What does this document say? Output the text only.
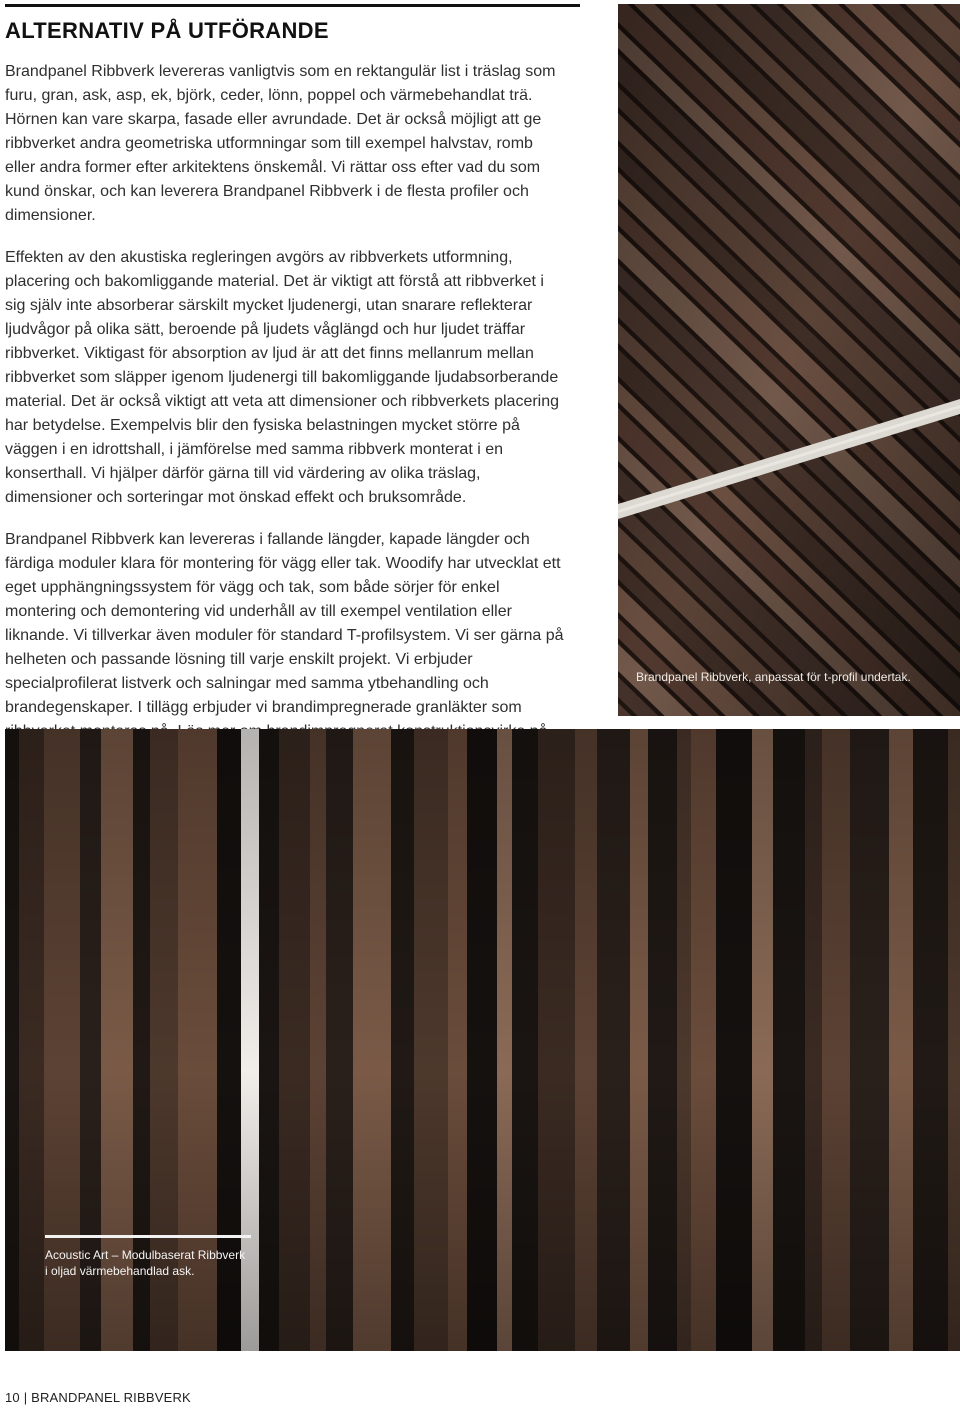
ALTERNATIV PÅ UTFÖRANDE

Brandpanel Ribbverk levereras vanligtvis som en rektangulär list i träslag som furu, gran, ask, asp, ek, björk, ceder, lönn, poppel och värmebehandlat trä. Hörnen kan vare skarpa, fasade eller avrundade. Det är också möjligt att ge ribbverket andra geometriska utformningar som till exempel halvstav, romb eller andra former efter arkitektens önskemål. Vi rättar oss efter vad du som kund önskar, och kan leverera Brandpanel Ribbverk i de flesta profiler och dimensioner.

Effekten av den akustiska regleringen avgörs av ribbverkets utformning, placering och bakomliggande material. Det är viktigt att förstå att ribbverket i sig själv inte absorberar särskilt mycket ljudenergi, utan snarare reflekterar ljudvågor på olika sätt, beroende på ljudets våglängd och hur ljudet träffar ribbverket. Viktigast för absorption av ljud är att det finns mellanrum mellan ribbverket som släpper igenom ljudenergi till bakomliggande ljudabsorberande material. Det är också viktigt att veta att dimensioner och ribbverkets placering har betydelse. Exempelvis blir den fysiska belastningen mycket större på väggen i en idrottshall, i jämförelse med samma ribbverk monterat i en konserthall. Vi hjälper därför gärna till vid värdering av olika träslag, dimensioner och sorteringar mot önskad effekt och bruksområde.

Brandpanel Ribbverk kan levereras i fallande längder, kapade längder och färdiga moduler klara för montering för vägg eller tak. Woodify har utvecklat ett eget upphängningssystem för vägg och tak, som både sörjer för enkel montering och demontering vid underhåll av till exempel ventilation eller liknande. Vi tillverkar även moduler för standard T-profilsystem. Vi ser gärna på helheten och passande lösning till varje enskilt projekt. Vi erbjuder specialprofilerat listverk och salningar med samma ytbehandling och brandegenskaper. I tillägg erbjuder vi brandimpregnerade granläkter som

Brandpanel Ribbverk, anpassat för t-profil undertak.

Acoustic Art – Modulbaserat Ribbverk i oljad värmebehandlad ask.

10 | BRANDPANEL RIBBVERK
